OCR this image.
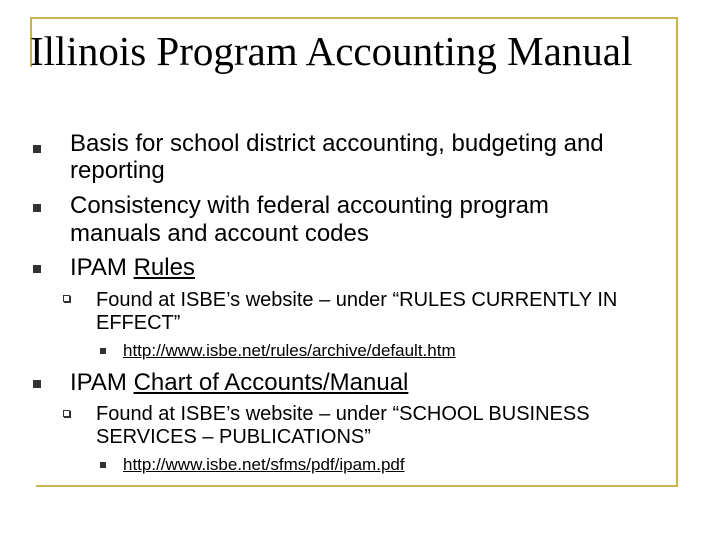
Illinois Program Accounting Manual
Basis for school district accounting, budgeting and
reporting
Consistency with federal accounting program
manuals and account codes
IPAM Rules
Found at ISBE’s website – under “RULES CURRENTLY IN
EFFECT”
http://www.isbe.net/rules/archive/default.htm
IPAM Chart of Accounts/Manual
Found at ISBE’s website – under “SCHOOL BUSINESS
SERVICES – PUBLICATIONS”
http://www.isbe.net/sfms/pdf/ipam.pdf
